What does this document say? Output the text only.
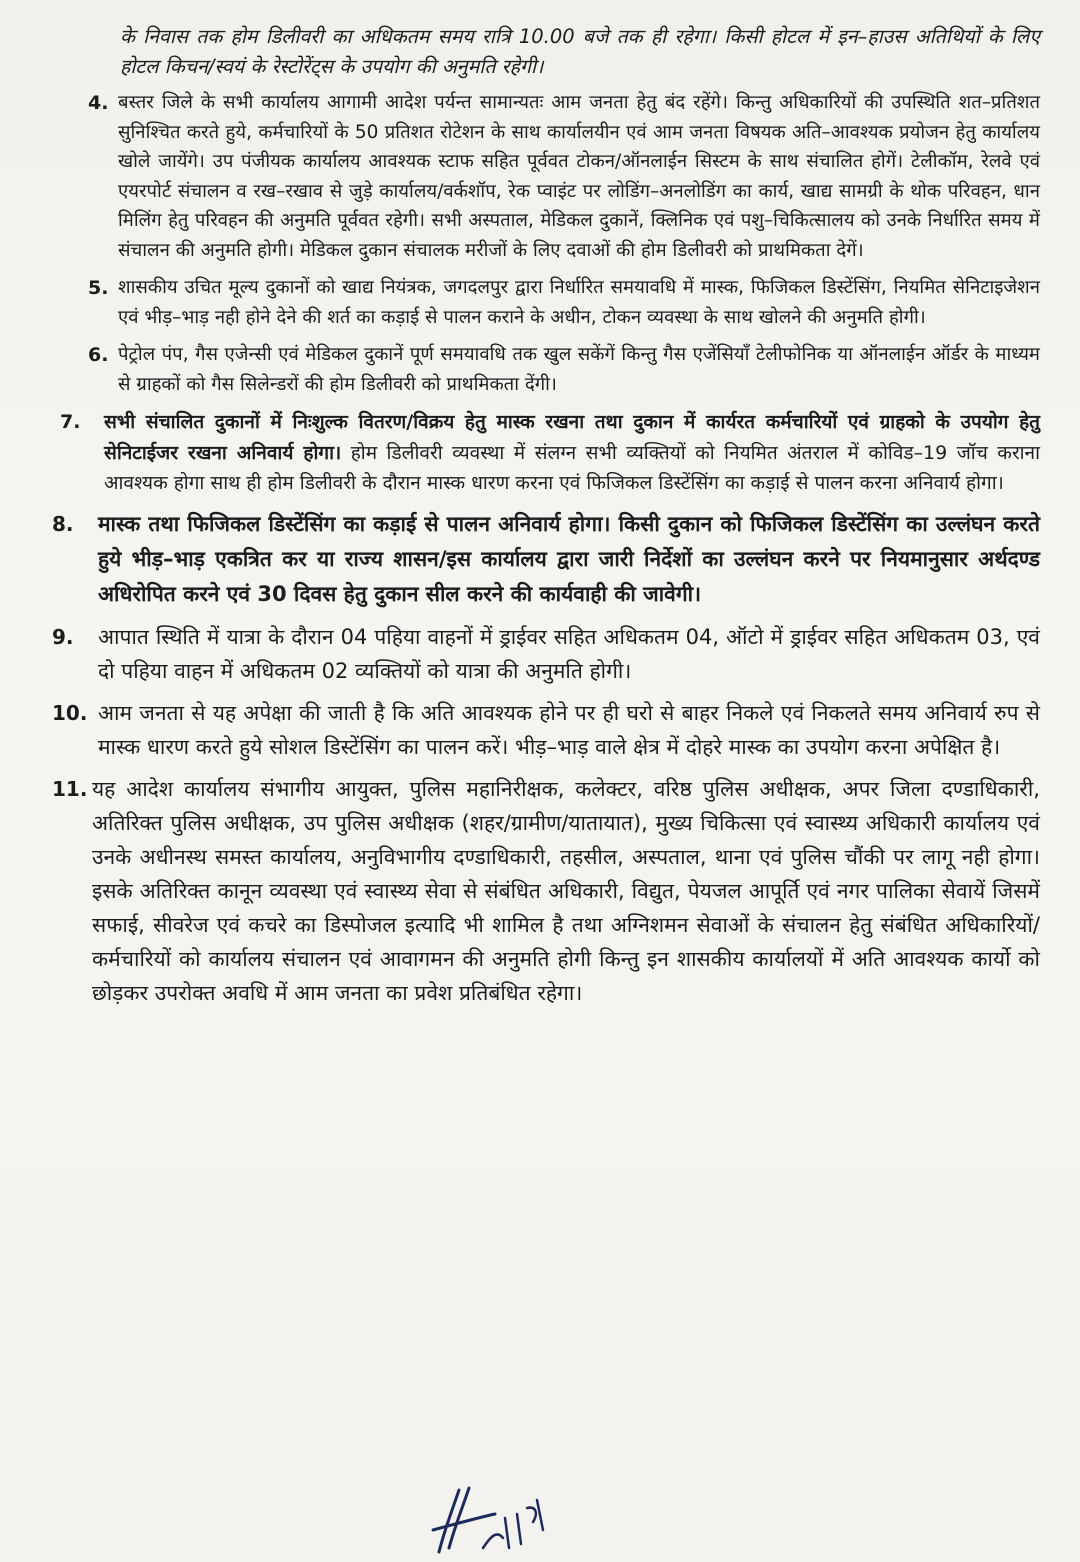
के निवास तक होम डिलीवरी का अधिकतम समय रात्रि 10.00 बजे तक ही रहेगा। किसी होटल में इन–हाउस अतिथियों के लिए होटल किचन/स्वयं के रेस्टोरेंट्स के उपयोग की अनुमति रहेगी।

4. बस्तर जिले के सभी कार्यालय आगामी आदेश पर्यन्त सामान्यतः आम जनता हेतु बंद रहेंगे। किन्तु अधिकारियों की उपस्थिति शत–प्रतिशत सुनिश्चित करते हुये, कर्मचारियों के 50 प्रतिशत रोटेशन के साथ कार्यालयीन एवं आम जनता विषयक अति–आवश्यक प्रयोजन हेतु कार्यालय खोले जायेंगे। उप पंजीयक कार्यालय आवश्यक स्टाफ सहित पूर्ववत टोकन/ऑनलाईन सिस्टम के साथ संचालित होगें। टेलीकॉम, रेलवे एवं एयरपोर्ट संचालन व रख–रखाव से जुड़े कार्यालय/वर्कशॉप, रेक प्वाइंट पर लोडिंग–अनलोडिंग का कार्य, खाद्य सामग्री के थोक परिवहन, धान मिलिंग हेतु परिवहन की अनुमति पूर्ववत रहेगी। सभी अस्पताल, मेडिकल दुकानें, क्लिनिक एवं पशु–चिकित्सालय को उनके निर्धारित समय में संचालन की अनुमति होगी। मेडिकल दुकान संचालक मरीजों के लिए दवाओं की होम डिलीवरी को प्राथमिकता देगें।
5. शासकीय उचित मूल्य दुकानों को खाद्य नियंत्रक, जगदलपुर द्वारा निर्धारित समयावधि में मास्क, फिजिकल डिस्टेंसिंग, नियमित सेनिटाइजेशन एवं भीड़–भाड़ नही होने देने की शर्त का कड़ाई से पालन कराने के अधीन, टोकन व्यवस्था के साथ खोलने की अनुमति होगी।
6. पेट्रोल पंप, गैस एजेन्सी एवं मेडिकल दुकानें पूर्ण समयावधि तक खुल सकेंगें किन्तु गैस एजेंसियाँ टेलीफोनिक या ऑनलाईन ऑर्डर के माध्यम से ग्राहकों को गैस सिलेन्डरों की होम डिलीवरी को प्राथमिकता देंगी।
7.	सभी संचालित दुकानों में निःशुल्क वितरण/विक्रय हेतु मास्क रखना तथा दुकान में कार्यरत कर्मचारियों एवं ग्राहको के उपयोग हेतु सेनिटाईजर रखना अनिवार्य होगा। होम डिलीवरी व्यवस्था में संलग्न सभी व्यक्तियों को नियमित अंतराल में कोविड–19 जॉच कराना आवश्यक होगा साथ ही होम डिलीवरी के दौरान मास्क धारण करना एवं फिजिकल डिस्टेंसिंग का कड़ाई से पालन करना अनिवार्य होगा।
8.	मास्क तथा फिजिकल डिस्टेंसिंग का कड़ाई से पालन अनिवार्य होगा। किसी दुकान को फिजिकल डिस्टेंसिंग का उल्लंघन करते हुये भीड़–भाड़ एकत्रित कर या राज्य शासन/इस कार्यालय द्वारा जारी निर्देशों का उल्लंघन करने पर नियमानुसार अर्थदण्ड अधिरोपित करने एवं 30 दिवस हेतु दुकान सील करने की कार्यवाही की जावेगी।
9.	आपात स्थिति में यात्रा के दौरान 04 पहिया वाहनों में ड्राईवर सहित अधिकतम 04, ऑटो में ड्राईवर सहित अधिकतम 03, एवं दो पहिया वाहन में अधिकतम 02 व्यक्तियों को यात्रा की अनुमति होगी।
10. आम जनता से यह अपेक्षा की जाती है कि अति आवश्यक होने पर ही घरो से बाहर निकले एवं निकलते समय अनिवार्य रुप से मास्क धारण करते हुये सोशल डिस्टेंसिंग का पालन करें। भीड़–भाड़ वाले क्षेत्र में दोहरे मास्क का उपयोग करना अपेक्षित है।
11. यह आदेश कार्यालय संभागीय आयुक्त, पुलिस महानिरीक्षक, कलेक्टर, वरिष्ठ पुलिस अधीक्षक, अपर जिला दण्डाधिकारी, अतिरिक्त पुलिस अधीक्षक, उप पुलिस अधीक्षक (शहर/ग्रामीण/यातायात), मुख्य चिकित्सा एवं स्वास्थ्य अधिकारी कार्यालय एवं उनके अधीनस्थ समस्त कार्यालय, अनुविभागीय दण्डाधिकारी, तहसील, अस्पताल, थाना एवं पुलिस चौंकी पर लागू नही होगा। इसके अतिरिक्त कानून व्यवस्था एवं स्वास्थ्य सेवा से संबंधित अधिकारी, विद्युत, पेयजल आपूर्ति एवं नगर पालिका सेवायें जिसमें सफाई, सीवरेज एवं कचरे का डिस्पोजल इत्यादि भी शामिल है तथा अग्निशमन सेवाओं के संचालन हेतु संबंधित अधिकारियों/कर्मचारियों को कार्यालय संचालन एवं आवागमन की अनुमति होगी किन्तु इन शासकीय कार्यालयों में अति आवश्यक कार्यो को छोड़कर उपरोक्त अवधि में आम जनता का प्रवेश प्रतिबंधित रहेगा।
